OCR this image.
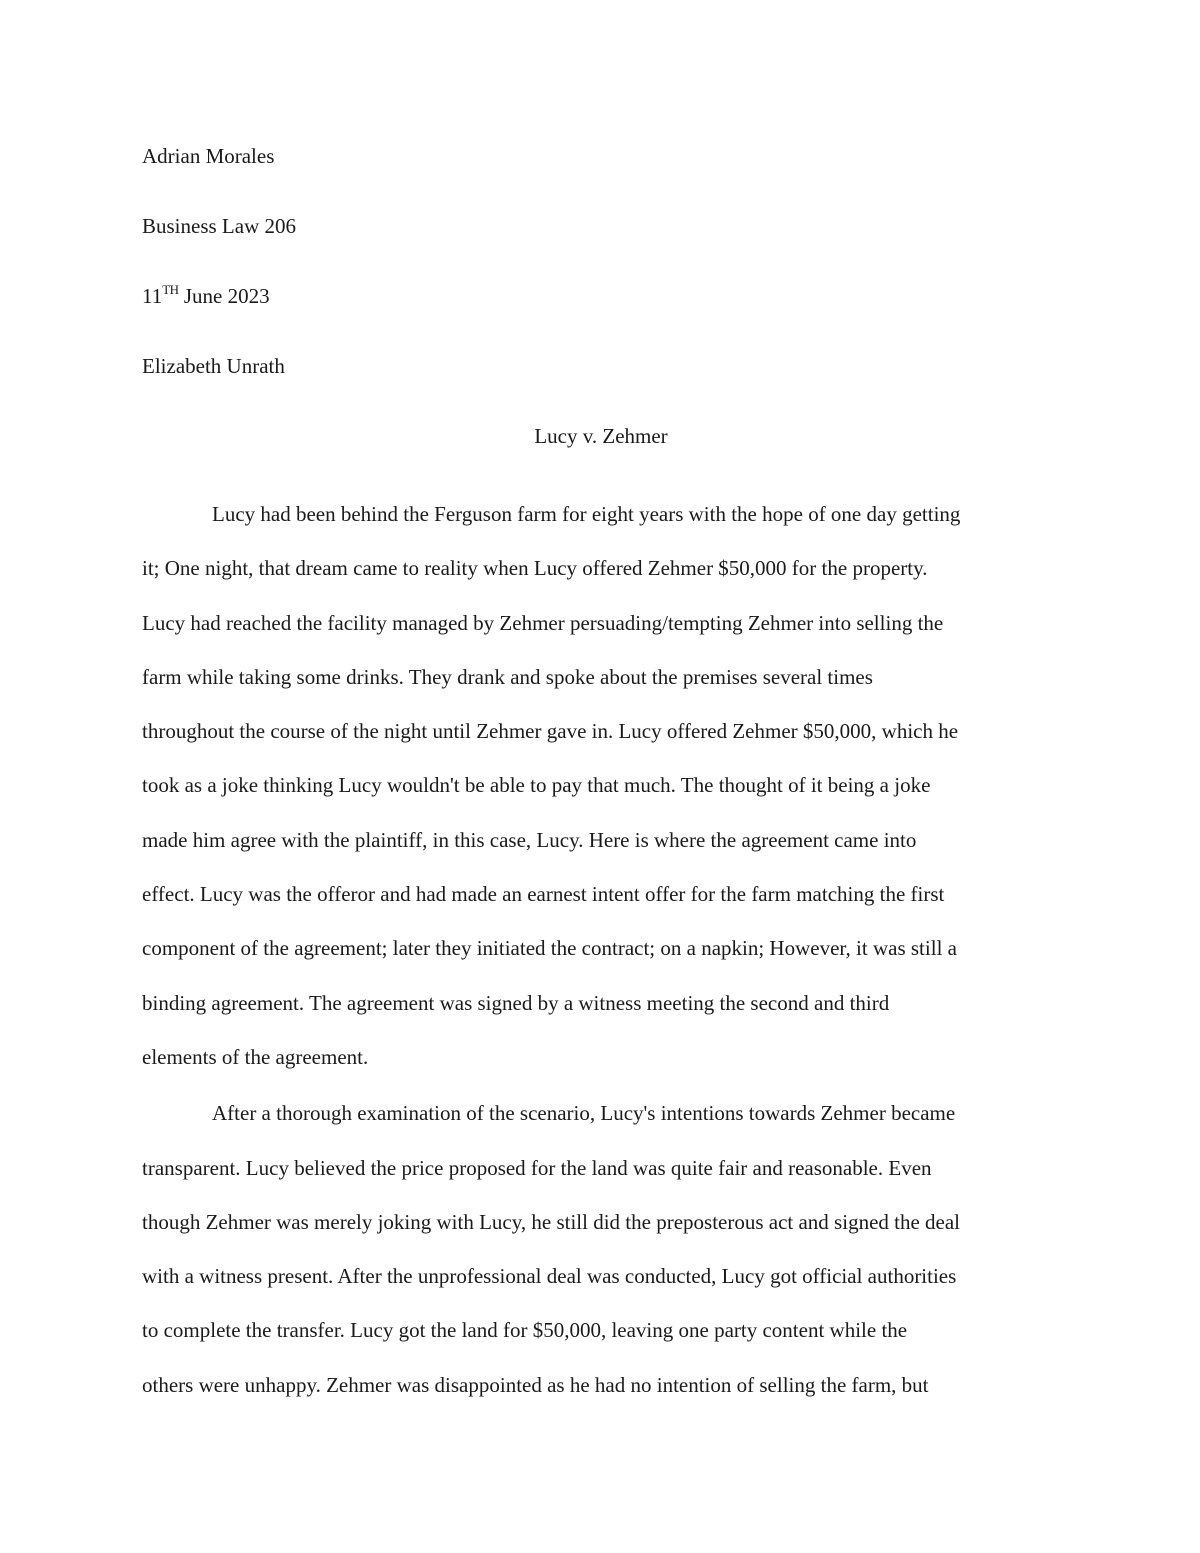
Adrian Morales

Business Law 206

11TH June 2023

Elizabeth Unrath

Lucy v. Zehmer

Lucy had been behind the Ferguson farm for eight years with the hope of one day getting
it; One night, that dream came to reality when Lucy offered Zehmer $50,000 for the property.
Lucy had reached the facility managed by Zehmer persuading/tempting Zehmer into selling the
farm while taking some drinks. They drank and spoke about the premises several times
throughout the course of the night until Zehmer gave in. Lucy offered Zehmer $50,000, which he
took as a joke thinking Lucy wouldn't be able to pay that much. The thought of it being a joke
made him agree with the plaintiff, in this case, Lucy. Here is where the agreement came into
effect. Lucy was the offeror and had made an earnest intent offer for the farm matching the first
component of the agreement; later they initiated the contract; on a napkin; However, it was still a
binding agreement. The agreement was signed by a witness meeting the second and third
elements of the agreement.
After a thorough examination of the scenario, Lucy's intentions towards Zehmer became
transparent. Lucy believed the price proposed for the land was quite fair and reasonable. Even
though Zehmer was merely joking with Lucy, he still did the preposterous act and signed the deal
with a witness present. After the unprofessional deal was conducted, Lucy got official authorities
to complete the transfer. Lucy got the land for $50,000, leaving one party content while the
others were unhappy. Zehmer was disappointed as he had no intention of selling the farm, but
